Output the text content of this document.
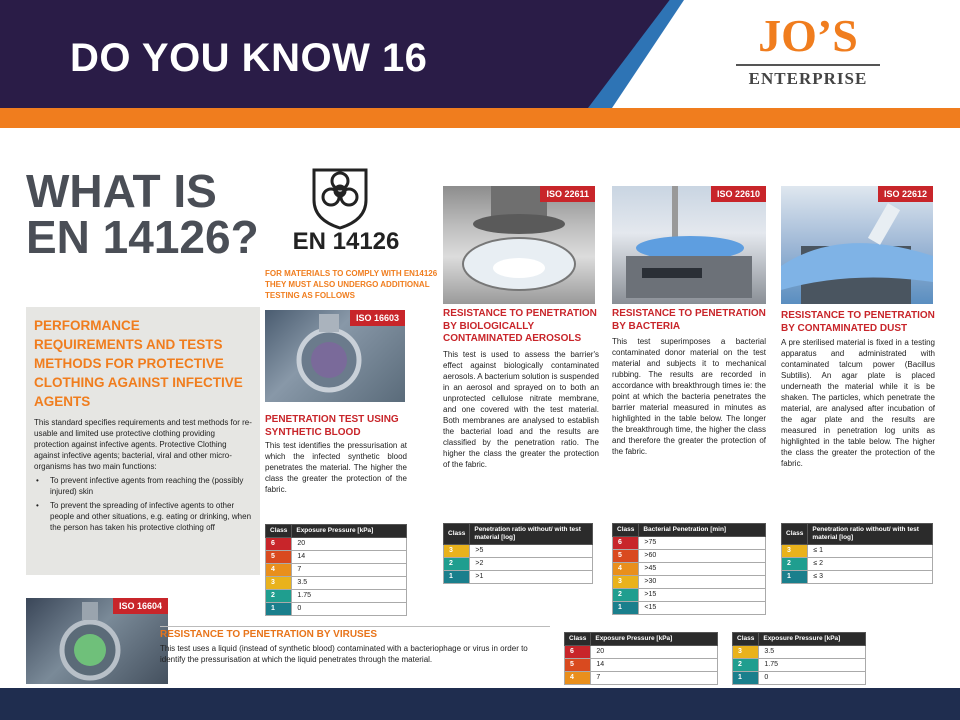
DO YOU KNOW 16	JO’S
ENTERPRISE
WHAT IS
EN 14126?	EN 14126
FOR MATERIALS TO COMPLY WITH EN14126 THEY MUST ALSO UNDERGO ADDITIONAL TESTING AS FOLLOWS
PERFORMANCE REQUIREMENTS AND TESTS METHODS FOR PROTECTIVE CLOTHING AGAINST INFECTIVE AGENTS
This standard specifies requirements and test methods for re-usable and limited use protective clothing providing protection against infective agents. Protective Clothing against infective agents; bacterial, viral and other micro-organisms has two main functions:
• To prevent infective agents from reaching the (possibly injured) skin
• To prevent the spreading of infective agents to other people and other situations, e.g. eating or drinking, when the person has taken his protective clothing off
ISO 16603
PENETRATION TEST USING SYNTHETIC BLOOD
This test identifies the pressurisation at which the infected synthetic blood penetrates the material. The higher the class the greater the protection of the fabric.
Class	Exposure Pressure [kPa]
6	20
5	14
4	7
3	3.5
2	1.75
1	0
ISO 22611
RESISTANCE TO PENETRATION BY BIOLOGICALLY CONTAMINATED AEROSOLS
This test is used to assess the barrier's effect against biologically contaminated aerosols. A bacterium solution is suspended in an aerosol and sprayed on to both an unprotected cellulose nitrate membrane, and one covered with the test material. Both membranes are analysed to establish the bacterial load and the results are classified by the penetration ratio. The higher the class the greater the protection of the fabric.
Class	Penetration ratio without/ with test material [log]
3	>5
2	>2
1	>1
ISO 22610
RESISTANCE TO PENETRATION BY BACTERIA
This test superimposes a bacterial contaminated donor material on the test material and subjects it to mechanical rubbing. The results are recorded in accordance with breakthrough times ie: the point at which the bacteria penetrates the barrier material measured in minutes as highlighted in the table below. The longer the breakthrough time, the higher the class and therefore the greater the protection of the fabric.
Class	Bacterial Penetration [min]
6	>75
5	>60
4	>45
3	>30
2	>15
1	<15
ISO 22612
RESISTANCE TO PENETRATION BY CONTAMINATED DUST
A pre sterilised material is fixed in a testing apparatus and administrated with contaminated talcum power (Bacillus Subtilis). An agar plate is placed underneath the material while it is be shaken. The particles, which penetrate the material, are analysed after incubation of the agar plate and the results are measured in penetration log units as highlighted in the table below. The higher the class the greater the protection of the fabric.
Class	Penetration ratio without/ with test material [log]
3	≤ 1
2	≤ 2
1	≤ 3
ISO 16604
RESISTANCE TO PENETRATION BY VIRUSES
This test uses a liquid (instead of synthetic blood) contaminated with a bacteriophage or virus in order to identify the pressurisation at which the liquid penetrates through the material.
Class	Exposure Pressure [kPa]
6	20
5	14
4	7
Class	Exposure Pressure [kPa]
3	3.5
2	1.75
1	0
